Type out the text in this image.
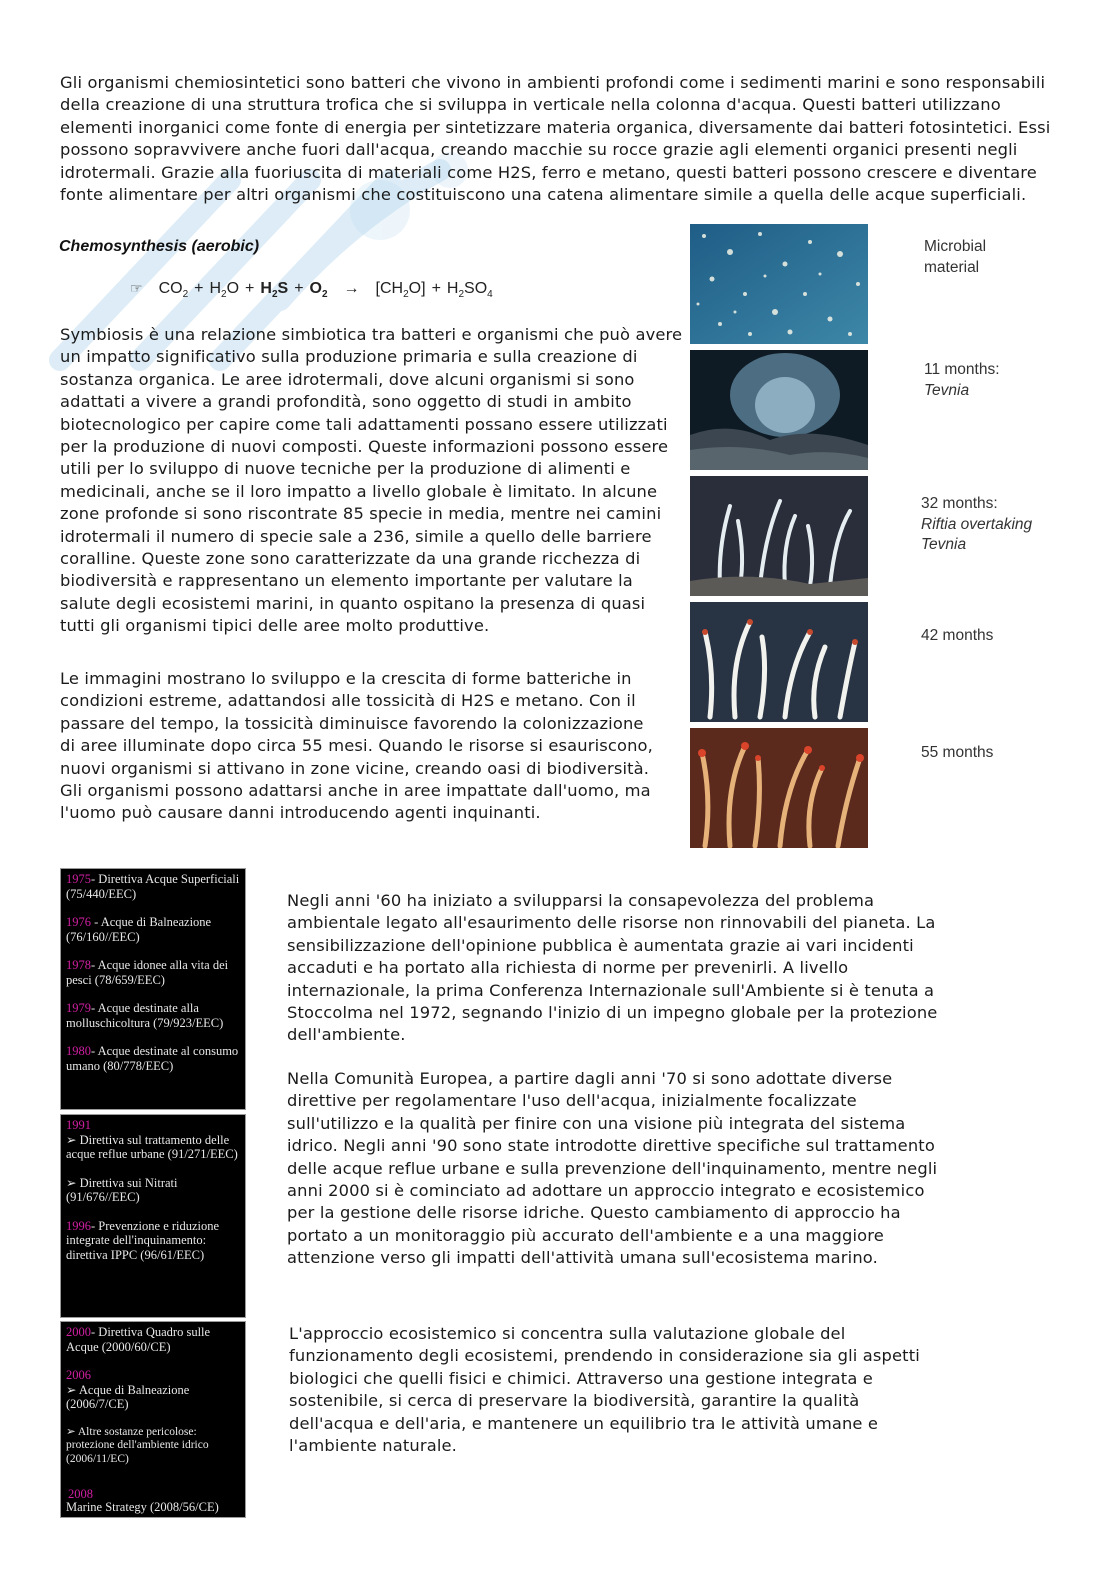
Gli organismi chemiosintetici sono batteri che vivono in ambienti profondi come i sedimenti marini e sono responsabili della creazione di una struttura trofica che si sviluppa in verticale nella colonna d'acqua. Questi batteri utilizzano elementi inorganici come fonte di energia per sintetizzare materia organica, diversamente dai batteri fotosintetici. Essi possono sopravvivere anche fuori dall'acqua, creando macchie su rocce grazie agli elementi organici presenti negli idrotermali. Grazie alla fuoriuscita di materiali come H2S, ferro e metano, questi batteri possono crescere e diventare fonte alimentare per altri organismi che costituiscono una catena alimentare simile a quella delle acque superficiali.

Chemosynthesis (aerobic)
☞ $CO_2 + H_2O + H_2S + O_2 \to [CH_2O] + H_2SO_4$

Symbiosis è una relazione simbiotica tra batteri e organismi che può avere un impatto significativo sulla produzione primaria e sulla creazione di sostanza organica. Le aree idrotermali, dove alcuni organismi si sono adattati a vivere a grandi profondità, sono oggetto di studi in ambito biotecnologico per capire come tali adattamenti possano essere utilizzati per la produzione di nuovi composti. Queste informazioni possono essere utili per lo sviluppo di nuove tecniche per la produzione di alimenti e medicinali, anche se il loro impatto a livello globale è limitato. In alcune zone profonde si sono riscontrate 85 specie in media, mentre nei camini idrotermali il numero di specie sale a 236, simile a quello delle barriere coralline. Queste zone sono caratterizzate da una grande ricchezza di biodiversità e rappresentano un elemento importante per valutare la salute degli ecosistemi marini, in quanto ospitano la presenza di quasi tutti gli organismi tipici delle aree molto produttive.

Le immagini mostrano lo sviluppo e la crescita di forme batteriche in condizioni estreme, adattandosi alle tossicità di H2S e metano. Con il passare del tempo, la tossicità diminuisce favorendo la colonizzazione di aree illuminate dopo circa 55 mesi. Quando le risorse si esauriscono, nuovi organismi si attivano in zone vicine, creando oasi di biodiversità. Gli organismi possono adattarsi anche in aree impattate dall'uomo, ma l'uomo può causare danni introducendo agenti inquinanti.

Microbial
material
11 months:
Tevnia
32 months:
Riftia overtaking
Tevnia
42 months
55 months
1975- Direttiva Acque Superficiali (75/440/EEC)
1976 - Acque di Balneazione (76/160//EEC)
1978- Acque idonee alla vita dei pesci (78/659/EEC)
1979- Acque destinate alla molluschicoltura (79/923/EEC)
1980- Acque destinate al consumo umano (80/778/EEC)
1991
➢ Direttiva sul trattamento delle acque reflue urbane (91/271/EEC)
➢ Direttiva sui Nitrati (91/676//EEC)
1996- Prevenzione e riduzione integrate dell'inquinamento: direttiva IPPC (96/61/EEC)
2000- Direttiva Quadro sulle Acque (2000/60/CE)
2006
➢ Acque di Balneazione (2006/7/CE)
➢ Altre sostanze pericolose: protezione dell'ambiente idrico (2006/11/EC)
2008
Marine Strategy (2008/56/CE)

Negli anni '60 ha iniziato a svilupparsi la consapevolezza del problema ambientale legato all'esaurimento delle risorse non rinnovabili del pianeta. La sensibilizzazione dell'opinione pubblica è aumentata grazie ai vari incidenti accaduti e ha portato alla richiesta di norme per prevenirli. A livello internazionale, la prima Conferenza Internazionale sull'Ambiente si è tenuta a Stoccolma nel 1972, segnando l'inizio di un impegno globale per la protezione dell'ambiente.

Nella Comunità Europea, a partire dagli anni '70 si sono adottate diverse direttive per regolamentare l'uso dell'acqua, inizialmente focalizzate sull'utilizzo e la qualità per finire con una visione più integrata del sistema idrico. Negli anni '90 sono state introdotte direttive specifiche sul trattamento delle acque reflue urbane e sulla prevenzione dell'inquinamento, mentre negli anni 2000 si è cominciato ad adottare un approccio integrato e ecosistemico per la gestione delle risorse idriche. Questo cambiamento di approccio ha portato a un monitoraggio più accurato dell'ambiente e a una maggiore attenzione verso gli impatti dell'attività umana sull'ecosistema marino.

L'approccio ecosistemico si concentra sulla valutazione globale del funzionamento degli ecosistemi, prendendo in considerazione sia gli aspetti biologici che quelli fisici e chimici. Attraverso una gestione integrata e sostenibile, si cerca di preservare la biodiversità, garantire la qualità dell'acqua e dell'aria, e mantenere un equilibrio tra le attività umane e l'ambiente naturale.
